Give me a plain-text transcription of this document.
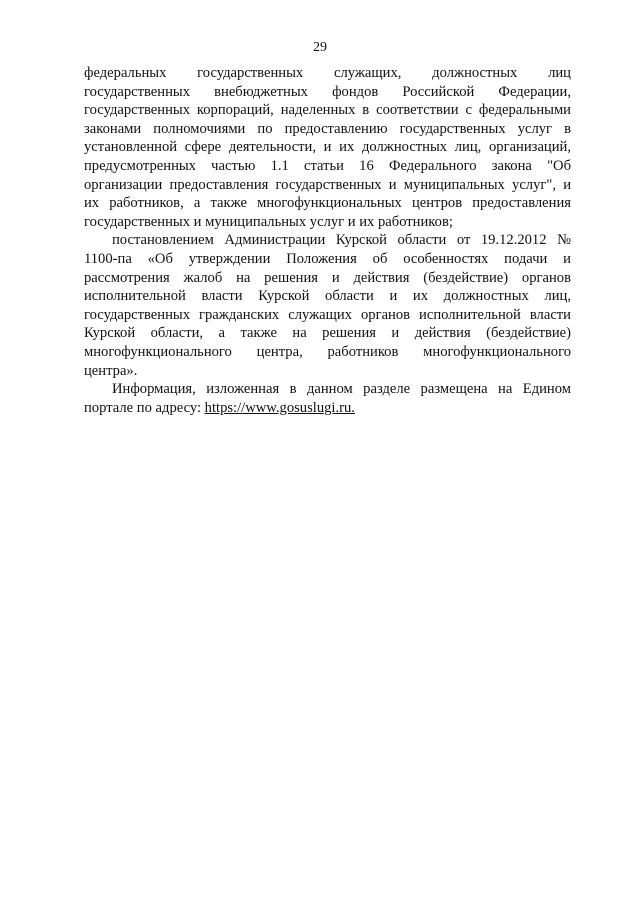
29
федеральных государственных служащих, должностных лиц
государственных внебюджетных фондов Российской Федерации,
государственных корпораций, наделенных в соответствии с федеральными
законами полномочиями по предоставлению государственных услуг в
установленной сфере деятельности, и их должностных лиц, организаций,
предусмотренных частью 1.1 статьи 16 Федерального закона "Об
организации предоставления государственных и муниципальных услуг", и
их работников, а также многофункциональных центров предоставления
государственных и муниципальных услуг и их работников;
постановлением Администрации Курской области от 19.12.2012 №
1100-па «Об утверждении Положения об особенностях подачи и
рассмотрения жалоб на решения и действия (бездействие) органов
исполнительной власти Курской области и их должностных лиц,
государственных гражданских служащих органов исполнительной власти
Курской области, а также на решения и действия (бездействие)
многофункционального центра, работников многофункционального
центра».
Информация, изложенная в данном разделе размещена на Едином
портале по адресу: https://www.gosuslugi.ru.
